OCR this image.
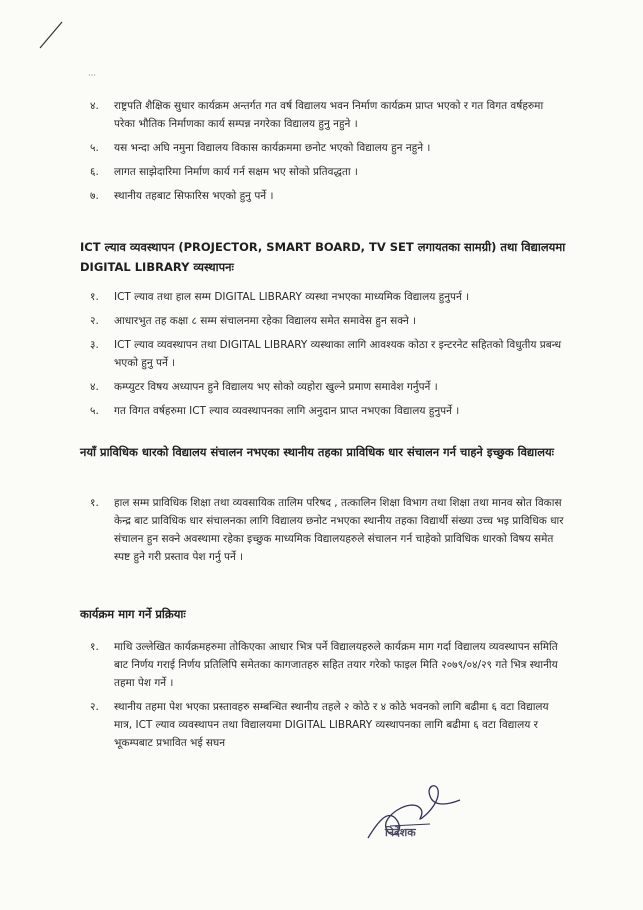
·⸱·
४. राष्ट्रपति शैक्षिक सुधार कार्यक्रम अन्तर्गत गत वर्ष विद्यालय भवन निर्माण कार्यक्रम प्राप्त भएको र गत विगत वर्षहरुमा परेका भौतिक निर्माणका कार्य सम्पन्न नगरेका विद्यालय हुनु नहुने ।
५. यस भन्दा अघि नमुना विद्यालय विकास कार्यक्रममा छनोट भएको विद्यालय हुन नहुने ।
६. लागत साझेदारिमा निर्माण कार्य गर्न सक्षम भए सोको प्रतिवद्धता ।
७. स्थानीय तहबाट सिफारिस भएको हुनु पर्ने ।
ICT ल्याव व्यवस्थापन (PROJECTOR, SMART BOARD, TV SET लगायतका सामग्री) तथा विद्यालयमा DIGITAL LIBRARY व्यस्थापनः
१. ICT ल्याव तथा हाल सम्म DIGITAL LIBRARY व्यस्था नभएका माध्यमिक विद्यालय हुनुपर्न ।
२. आधारभुत तह कक्षा ८ सम्म संचालनमा रहेका विद्यालय समेत समावेस हुन सक्ने ।
३. ICT ल्याव व्यवस्थापन तथा DIGITAL LIBRARY व्यस्थाका लागि आवश्यक कोठा र इन्टरनेट सहितको विधुतीय प्रबन्ध भएको हुनु पर्ने ।
४. कम्प्युटर विषय अध्यापन हुने विद्यालय भए सोको व्यहोरा खुल्ने प्रमाण समावेश गर्नुपर्ने ।
५. गत विगत वर्षहरुमा ICT ल्याव व्यवस्थापनका लागि अनुदान प्राप्त नभएका विद्यालय हुनुपर्ने ।
नयाँ प्राविधिक धारको विद्यालय संचालन नभएका स्थानीय तहका प्राविधिक धार संचालन गर्न चाहने इच्छुक विद्यालयः
१. हाल सम्म प्राविधिक शिक्षा तथा व्यवसायिक तालिम परिषद , तत्कालिन शिक्षा विभाग तथा शिक्षा तथा मानव स्रोत विकास केन्द्र बाट प्राविधिक धार संचालनका लागि विद्यालय छनोट नभएका स्थानीय तहका विद्यार्थी संख्या उच्च भइ प्राविधिक धार संचालन हुन सक्ने अवस्थामा रहेका इच्छुक माध्यमिक विद्यालयहरुले संचालन गर्न चाहेको प्राविधिक धारको विषय समेत स्पष्ट हुने गरी प्रस्ताव पेश गर्नु पर्ने ।
कार्यक्रम माग गर्ने प्रक्रियाः
१. माथि उल्लेखित कार्यक्रमहरुमा तोकिएका आधार भित्र पर्ने विद्यालयहरुले कार्यक्रम माग गर्दा विद्यालय व्यवस्थापन समिति बाट निर्णय गराई निर्णय प्रतिलिपि समेतका कागजातहरु सहित तयार गरेको फाइल मिति २०७९/०४/२९ गते भित्र स्थानीय तहमा पेश गर्ने ।
२. स्थानीय तहमा पेश भएका प्रस्तावहरु सम्बन्धित स्थानीय तहले २ कोठे र ४ कोठे भवनको लागि बढीमा ६ वटा विद्यालय मात्र, ICT ल्याव व्यवस्थापन तथा विद्यालयमा DIGITAL LIBRARY व्यस्थापनका लागि बढीमा ६ वटा विद्यालय र भूकम्पबाट प्रभावित भई सघन
निर्देशक
